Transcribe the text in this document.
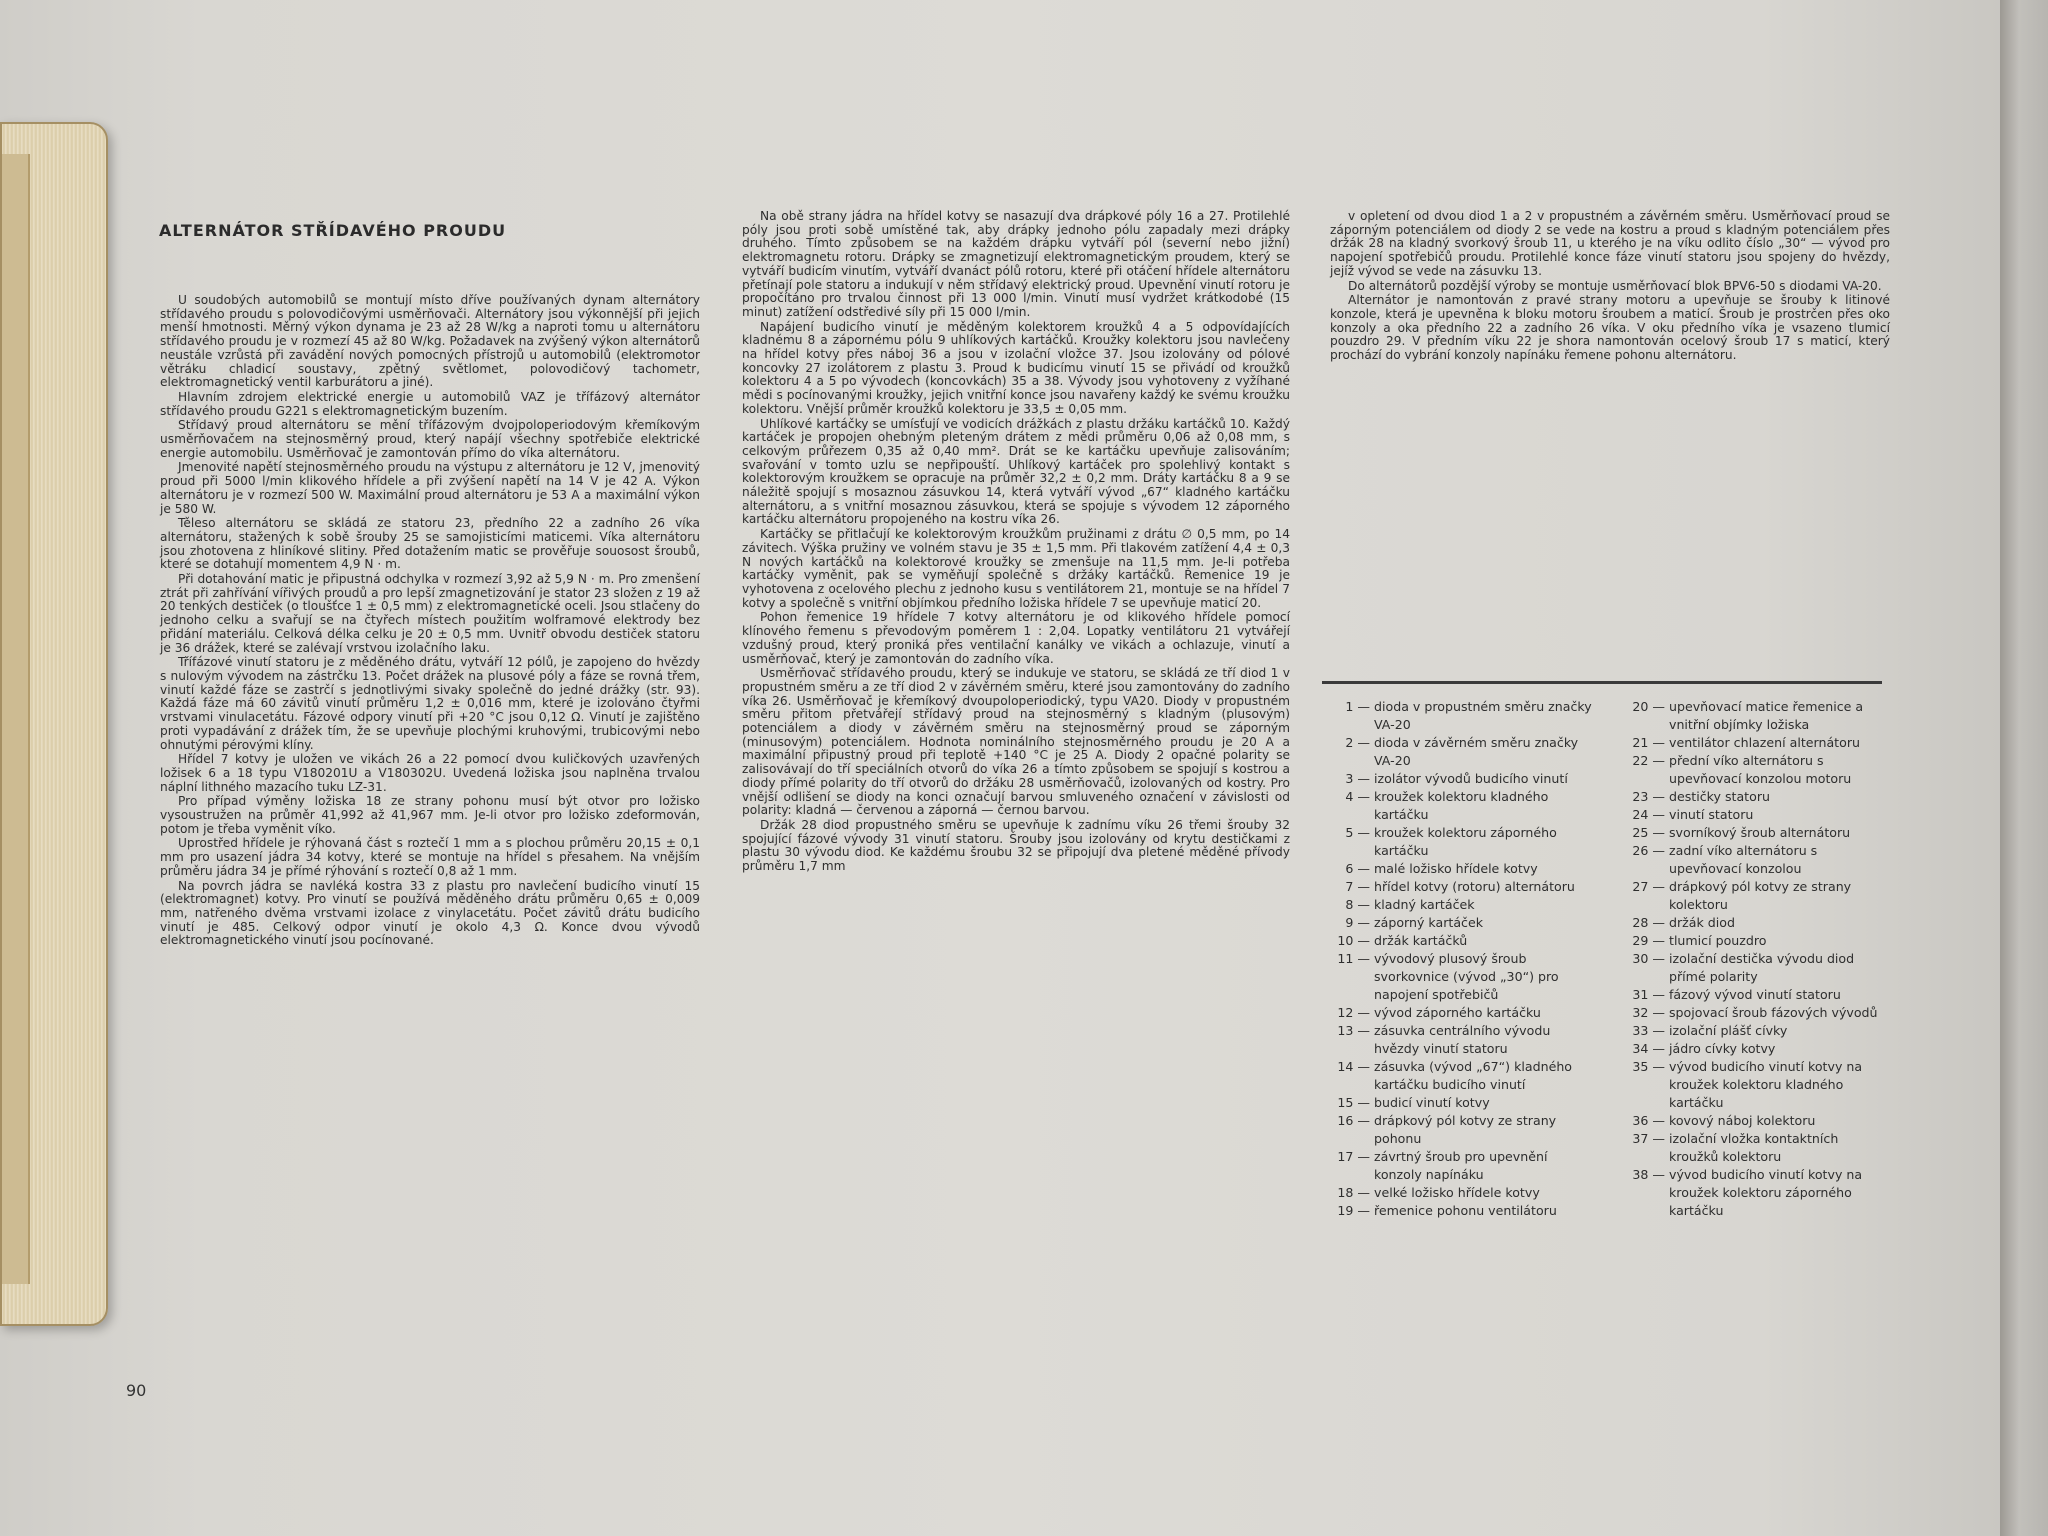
ALTERNÁTOR STŘÍDAVÉHO PROUDU

U soudobých automobilů se montují místo dříve používaných dynam alternátory střídavého proudu s polovodičovými usměrňovači. Alternátory jsou výkonnější při jejich menší hmotnosti. Měrný výkon dynama je 23 až 28 W/kg a naproti tomu u alternátoru střídavého proudu je v rozmezí 45 až 80 W/kg. Požadavek na zvýšený výkon alternátorů neustále vzrůstá při zavádění nových pomocných přístrojů u automobilů (elektromotor větráku chladicí soustavy, zpětný světlomet, polovodičový tachometr, elektromagnetický ventil karburátoru a jiné).

Hlavním zdrojem elektrické energie u automobilů VAZ je třífázový alternátor střídavého proudu G221 s elektromagnetickým buzením.

Střídavý proud alternátoru se mění třífázovým dvojpoloperiodovým křemíkovým usměrňovačem na stejnosměrný proud, který napájí všechny spotřebiče elektrické energie automobilu. Usměrňovač je zamontován přímo do víka alternátoru.

Jmenovité napětí stejnosměrného proudu na výstupu z alternátoru je 12 V, jmenovitý proud při 5000 l/min klikového hřídele a při zvýšení napětí na 14 V je 42 A. Výkon alternátoru je v rozmezí 500 W. Maximální proud alternátoru je 53 A a maximální výkon je 580 W.

Těleso alternátoru se skládá ze statoru 23, předního 22 a zadního 26 víka alternátoru, stažených k sobě šrouby 25 se samojisticími maticemi. Víka alternátoru jsou zhotovena z hliníkové slitiny. Před dotažením matic se prověřuje souosost šroubů, které se dotahují momentem 4,9 N · m.

Při dotahování matic je připustná odchylka v rozmezí 3,92 až 5,9 N · m. Pro zmenšení ztrát při zahřívání vířivých proudů a pro lepší zmagnetizování je stator 23 složen z 19 až 20 tenkých destiček (o tloušťce 1 ± 0,5 mm) z elektromagnetické oceli. Jsou stlačeny do jednoho celku a svařují se na čtyřech místech použitím wolframové elektrody bez přidání materiálu. Celková délka celku je 20 ± 0,5 mm. Uvnitř obvodu destiček statoru je 36 drážek, které se zalévají vrstvou izolačního laku.

Třífázové vinutí statoru je z měděného drátu, vytváří 12 pólů, je zapojeno do hvězdy s nulovým vývodem na zástrčku 13. Počet drážek na plusové póly a fáze se rovná třem, vinutí každé fáze se zastrčí s jednotlivými sivaky společně do jedné drážky (str. 93). Každá fáze má 60 závitů vinutí průměru 1,2 ± 0,016 mm, které je izolováno čtyřmi vrstvami vinulacetátu. Fázové odpory vinutí při +20 °C jsou 0,12 Ω. Vinutí je zajištěno proti vypadávání z drážek tím, že se upevňuje plochými kruhovými, trubicovými nebo ohnutými pérovými klíny.

Hřídel 7 kotvy je uložen ve vikách 26 a 22 pomocí dvou kuličkových uzavřených ložisek 6 a 18 typu V180201U a V180302U. Uvedená ložiska jsou naplněna trvalou náplní lithného mazacího tuku LZ-31.

Pro případ výměny ložiska 18 ze strany pohonu musí být otvor pro ložisko vysoustružen na průměr 41,992 až 41,967 mm. Je-li otvor pro ložisko zdeformován, potom je třeba vyměnit víko.

Uprostřed hřídele je rýhovaná část s roztečí 1 mm a s plochou průměru 20,15 ± 0,1 mm pro usazení jádra 34 kotvy, které se montuje na hřídel s přesahem. Na vnějším průměru jádra 34 je přímé rýhování s roztečí 0,8 až 1 mm.

Na povrch jádra se navléká kostra 33 z plastu pro navlečení budicího vinutí 15 (elektromagnet) kotvy. Pro vinutí se používá měděného drátu průměru 0,65 ± 0,009 mm, natřeného dvěma vrstvami izolace z vinylacetátu. Počet závitů drátu budicího vinutí je 485. Celkový odpor vinutí je okolo 4,3 Ω. Konce dvou vývodů elektromagnetického vinutí jsou pocínované.

Na obě strany jádra na hřídel kotvy se nasazují dva drápkové póly 16 a 27. Protilehlé póly jsou proti sobě umístěné tak, aby drápky jednoho pólu zapadaly mezi drápky druhého. Tímto způsobem se na každém drápku vytváří pól (severní nebo jižní) elektromagnetu rotoru. Drápky se zmagnetizují elektromagnetickým proudem, který se vytváří budicím vinutím, vytváří dvanáct pólů rotoru, které při otáčení hřídele alternátoru přetínají pole statoru a indukují v něm střídavý elektrický proud. Upevnění vinutí rotoru je propočítáno pro trvalou činnost při 13 000 l/min. Vinutí musí vydržet krátkodobé (15 minut) zatížení odstředivé síly při 15 000 l/min.

Napájení budicího vinutí je měděným kolektorem kroužků 4 a 5 odpovídajících kladnému 8 a zápornému pólu 9 uhlíkových kartáčků. Kroužky kolektoru jsou navlečeny na hřídel kotvy přes náboj 36 a jsou v izolační vložce 37. Jsou izolovány od pólové koncovky 27 izolátorem z plastu 3. Proud k budicímu vinutí 15 se přivádí od kroužků kolektoru 4 a 5 po vývodech (koncovkách) 35 a 38. Vývody jsou vyhotoveny z vyžíhané mědi s pocínovanými kroužky, jejich vnitřní konce jsou navařeny každý ke svému kroužku kolektoru. Vnější průměr kroužků kolektoru je 33,5 ± 0,05 mm.

Uhlíkové kartáčky se umísťují ve vodicích drážkách z plastu držáku kartáčků 10. Každý kartáček je propojen ohebným pleteným drátem z mědi průměru 0,06 až 0,08 mm, s celkovým průřezem 0,35 až 0,40 mm². Drát se ke kartáčku upevňuje zalisováním; svařování v tomto uzlu se nepřipouští. Uhlíkový kartáček pro spolehlivý kontakt s kolektorovým kroužkem se opracuje na průměr 32,2 ± 0,2 mm. Dráty kartáčku 8 a 9 se náležitě spojují s mosaznou zásuvkou 14, která vytváří vývod „67“ kladného kartáčku alternátoru, a s vnitřní mosaznou zásuvkou, která se spojuje s vývodem 12 záporného kartáčku alternátoru propojeného na kostru víka 26.

Kartáčky se přitlačují ke kolektorovým kroužkům pružinami z drátu ∅ 0,5 mm, po 14 závitech. Výška pružiny ve volném stavu je 35 ± 1,5 mm. Při tlakovém zatížení 4,4 ± 0,3 N nových kartáčků na kolektorové kroužky se zmenšuje na 11,5 mm. Je-li potřeba kartáčky vyměnit, pak se vyměňují společně s držáky kartáčků. Řemenice 19 je vyhotovena z ocelového plechu z jednoho kusu s ventilátorem 21, montuje se na hřídel 7 kotvy a společně s vnitřní objímkou předního ložiska hřídele 7 se upevňuje maticí 20.

Pohon řemenice 19 hřídele 7 kotvy alternátoru je od klikového hřídele pomocí klínového řemenu s převodovým poměrem 1 : 2,04. Lopatky ventilátoru 21 vytvářejí vzdušný proud, který proniká přes ventilační kanálky ve vikách a ochlazuje, vinutí a usměrňovač, který je zamontován do zadního víka.

Usměrňovač střídavého proudu, který se indukuje ve statoru, se skládá ze tří diod 1 v propustném směru a ze tří diod 2 v závěrném směru, které jsou zamontovány do zadního víka 26. Usměrňovač je křemíkový dvoupoloperiodický, typu VA20. Diody v propustném směru přitom přetvářejí střídavý proud na stejnosměrný s kladným (plusovým) potenciálem a diody v závěrném směru na stejnosměrný proud se záporným (minusovým) potenciálem. Hodnota nominálního stejnosměrného proudu je 20 A a maximální připustný proud při teplotě +140 °C je 25 A. Diody 2 opačné polarity se zalisovávají do tří speciálních otvorů do víka 26 a tímto způsobem se spojují s kostrou a diody přímé polarity do tří otvorů do držáku 28 usměrňovačů, izolovaných od kostry. Pro vnější odlišení se diody na konci označují barvou smluveného označení v závislosti od polarity: kladná — červenou a záporná — černou barvou.

Držák 28 diod propustného směru se upevňuje k zadnímu víku 26 třemi šrouby 32 spojující fázové vývody 31 vinutí statoru. Šrouby jsou izolovány od krytu destičkami z plastu 30 vývodu diod. Ke každému šroubu 32 se připojují dva pletené měděné přívody průměru 1,7 mm

v opletení od dvou diod 1 a 2 v propustném a závěrném směru. Usměrňovací proud se záporným potenciálem od diody 2 se vede na kostru a proud s kladným potenciálem přes držák 28 na kladný svorkový šroub 11, u kterého je na víku odlito číslo „30“ — vývod pro napojení spotřebičů proudu. Protilehlé konce fáze vinutí statoru jsou spojeny do hvězdy, jejíž vývod se vede na zásuvku 13.

Do alternátorů pozdější výroby se montuje usměrňovací blok BPV6-50 s diodami VA-20.

Alternátor je namontován z pravé strany motoru a upevňuje se šrouby k litinové konzole, která je upevněna k bloku motoru šroubem a maticí. Šroub je prostrčen přes oko konzoly a oka předního 22 a zadního 26 víka. V oku předního víka je vsazeno tlumicí pouzdro 29. V předním víku 22 je shora namontován ocelový šroub 17 s maticí, který prochází do vybrání konzoly napínáku řemene pohonu alternátoru.

1 — dioda v propustném směru značky VA-20
2 — dioda v závěrném směru značky VA-20
3 — izolátor vývodů budicího vinutí
4 — kroužek kolektoru kladného kartáčku
5 — kroužek kolektoru záporného kartáčku
6 — malé ložisko hřídele kotvy
7 — hřídel kotvy (rotoru) alternátoru
8 — kladný kartáček
9 — záporný kartáček
10 — držák kartáčků
11 — vývodový plusový šroub svorkovnice (vývod „30“) pro napojení spotřebičů
12 — vývod záporného kartáčku
13 — zásuvka centrálního vývodu hvězdy vinutí statoru
14 — zásuvka (vývod „67“) kladného kartáčku budicího vinutí
15 — budicí vinutí kotvy
16 — drápkový pól kotvy ze strany pohonu
17 — závrtný šroub pro upevnění konzoly napínáku
18 — velké ložisko hřídele kotvy
19 — řemenice pohonu ventilátoru
20 — upevňovací matice řemenice a vnitřní objímky ložiska
21 — ventilátor chlazení alternátoru
22 — přední víko alternátoru s upevňovací konzolou motoru
23 — destičky statoru
24 — vinutí statoru
25 — svorníkový šroub alternátoru
26 — zadní víko alternátoru s upevňovací konzolou
27 — drápkový pól kotvy ze strany kolektoru
28 — držák diod
29 — tlumicí pouzdro
30 — izolační destička vývodu diod přímé polarity
31 — fázový vývod vinutí statoru
32 — spojovací šroub fázových vývodů
33 — izolační plášť cívky
34 — jádro cívky kotvy
35 — vývod budicího vinutí kotvy na kroužek kolektoru kladného kartáčku
36 — kovový náboj kolektoru
37 — izolační vložka kontaktních kroužků kolektoru
38 — vývod budicího vinutí kotvy na kroužek kolektoru záporného kartáčku
90
